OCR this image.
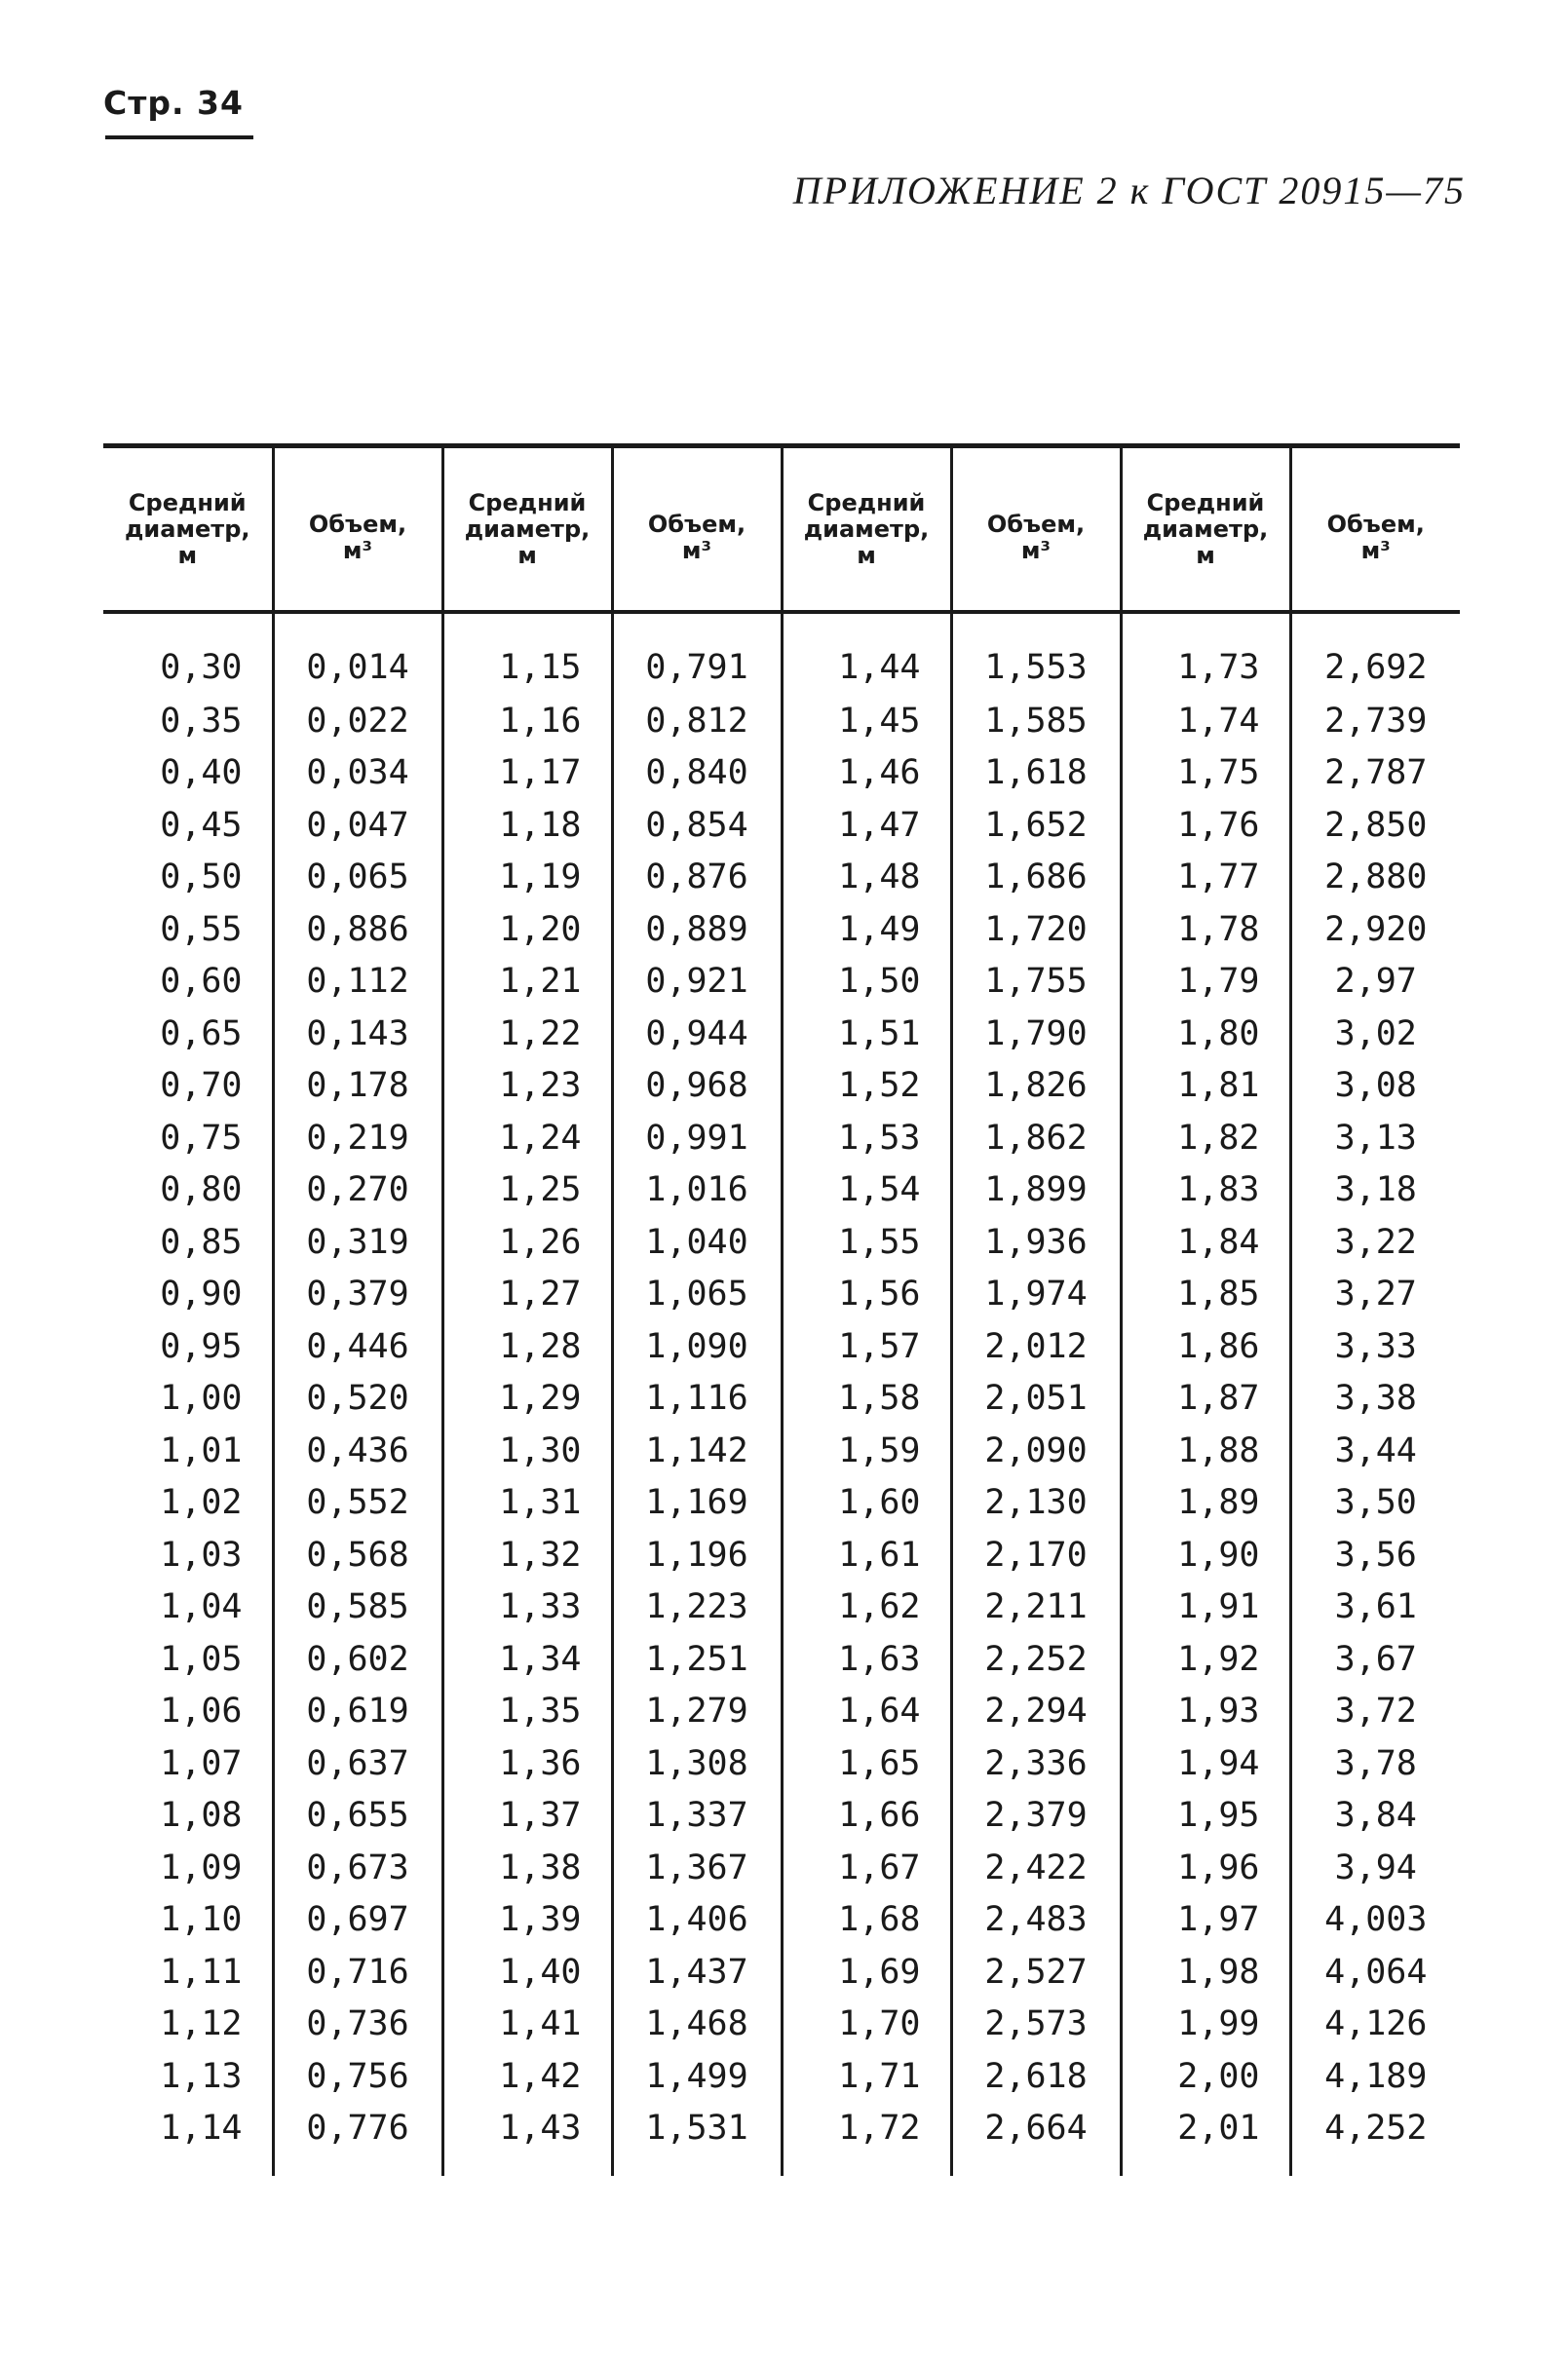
Стр. 34
ПРИЛОЖЕНИЕ 2 к ГОСТ 20915—75
Средний
диаметр,
м	Объем,
м³	Средний
диаметр,
м	Объем,
м³	Средний
диаметр,
м	Объем,
м³	Средний
диаметр,
м	Объем,
м³

0,30	0,014	1,15	0,791	1,44	1,553	1,73	2,692
0,35	0,022	1,16	0,812	1,45	1,585	1,74	2,739
0,40	0,034	1,17	0,840	1,46	1,618	1,75	2,787
0,45	0,047	1,18	0,854	1,47	1,652	1,76	2,850
0,50	0,065	1,19	0,876	1,48	1,686	1,77	2,880
0,55	0,886	1,20	0,889	1,49	1,720	1,78	2,920
0,60	0,112	1,21	0,921	1,50	1,755	1,79	2,97
0,65	0,143	1,22	0,944	1,51	1,790	1,80	3,02
0,70	0,178	1,23	0,968	1,52	1,826	1,81	3,08
0,75	0,219	1,24	0,991	1,53	1,862	1,82	3,13
0,80	0,270	1,25	1,016	1,54	1,899	1,83	3,18
0,85	0,319	1,26	1,040	1,55	1,936	1,84	3,22
0,90	0,379	1,27	1,065	1,56	1,974	1,85	3,27
0,95	0,446	1,28	1,090	1,57	2,012	1,86	3,33
1,00	0,520	1,29	1,116	1,58	2,051	1,87	3,38
1,01	0,436	1,30	1,142	1,59	2,090	1,88	3,44
1,02	0,552	1,31	1,169	1,60	2,130	1,89	3,50
1,03	0,568	1,32	1,196	1,61	2,170	1,90	3,56
1,04	0,585	1,33	1,223	1,62	2,211	1,91	3,61
1,05	0,602	1,34	1,251	1,63	2,252	1,92	3,67
1,06	0,619	1,35	1,279	1,64	2,294	1,93	3,72
1,07	0,637	1,36	1,308	1,65	2,336	1,94	3,78
1,08	0,655	1,37	1,337	1,66	2,379	1,95	3,84
1,09	0,673	1,38	1,367	1,67	2,422	1,96	3,94
1,10	0,697	1,39	1,406	1,68	2,483	1,97	4,003
1,11	0,716	1,40	1,437	1,69	2,527	1,98	4,064
1,12	0,736	1,41	1,468	1,70	2,573	1,99	4,126
1,13	0,756	1,42	1,499	1,71	2,618	2,00	4,189
1,14	0,776	1,43	1,531	1,72	2,664	2,01	4,252
